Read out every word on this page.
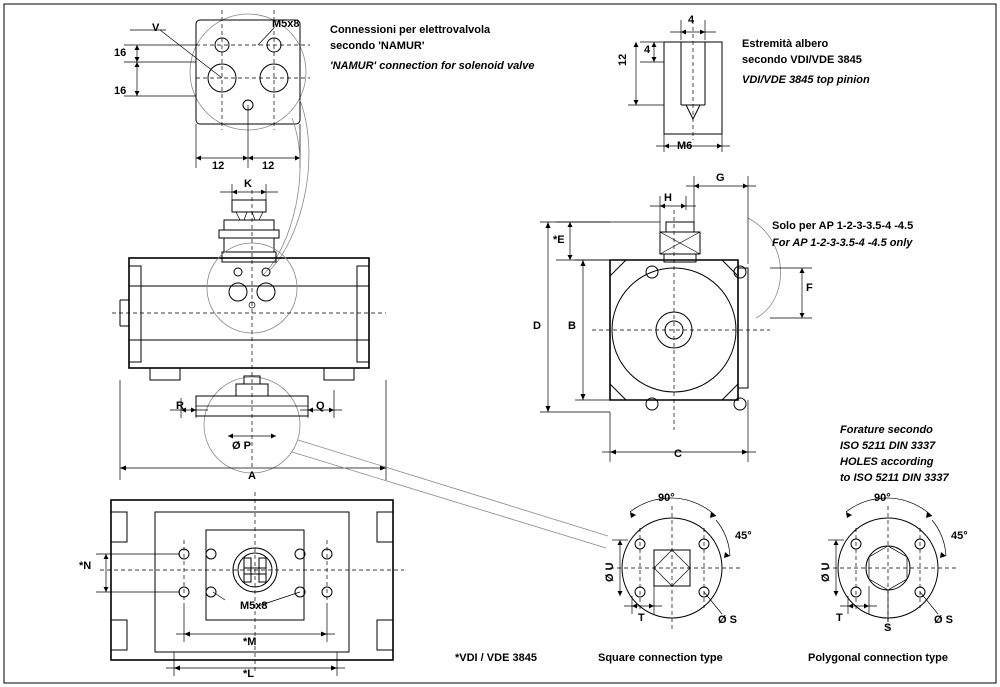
Connessioni per elettrovalvola
secondo 'NAMUR'
'NAMUR' connection for solenoid valve
Estremità albero
secondo VDI/VDE 3845
VDI/VDE 3845 top pinion
Solo per AP 1-2-3-3.5-4 -4.5
For AP 1-2-3-3.5-4 -4.5 only
Forature secondo
ISO 5211 DIN 3337
HOLES according
to ISO 5211 DIN 3337
*VDI / VDE 3845	Square connection type	Polygonal connection type
V	M5x8
16
16
12	12
4
4
12
M6
K
R	Q
Ø P
A
G
H
*E
F
D B
C
*N
M5x8
*M
*L
90°
45°
Ø U
T	Ø S
90°
45°
Ø U
T
S
Ø S
